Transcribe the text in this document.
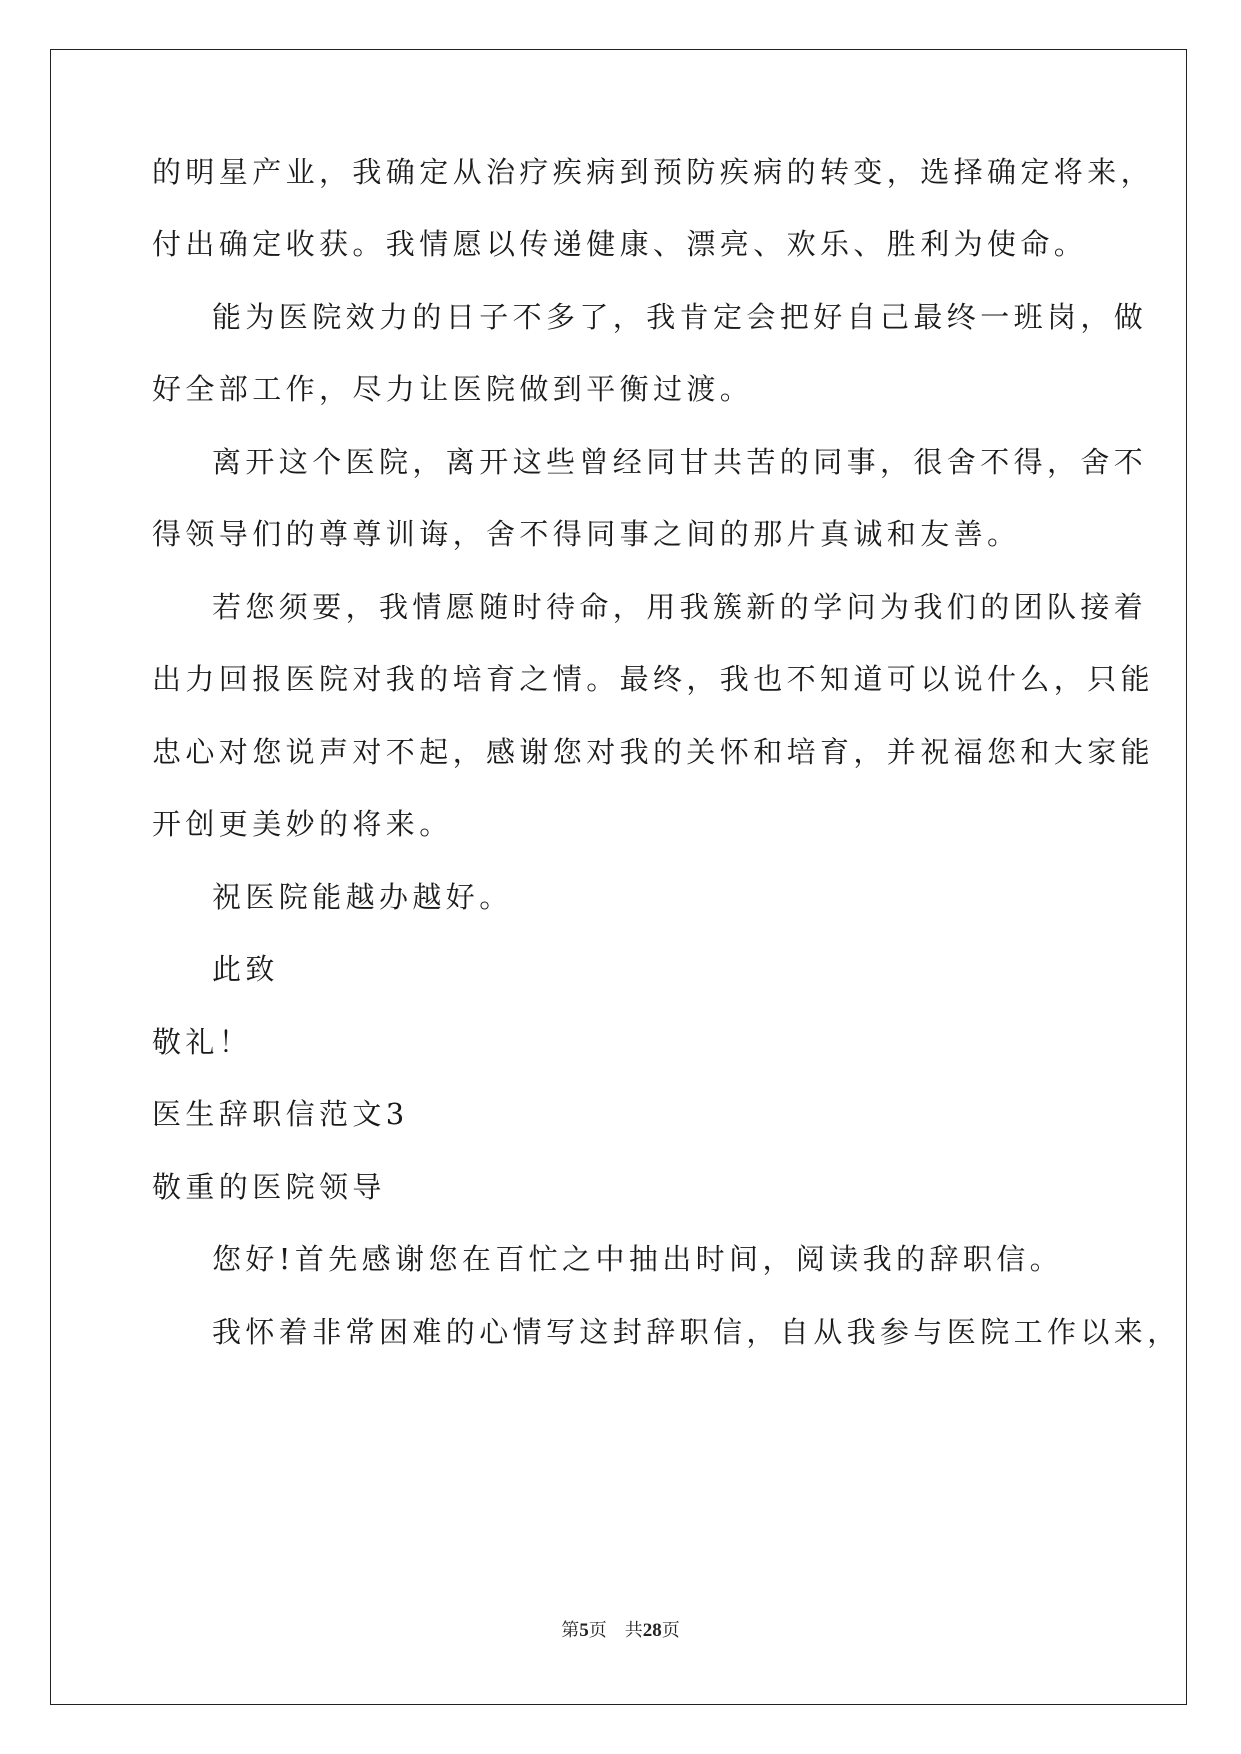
的明星产业，我确定从治疗疾病到预防疾病的转变，选择确定将来，

付出确定收获。我情愿以传递健康、漂亮、欢乐、胜利为使命。

能为医院效力的日子不多了，我肯定会把好自己最终一班岗，做

好全部工作，尽力让医院做到平衡过渡。

离开这个医院，离开这些曾经同甘共苦的同事，很舍不得，舍不

得领导们的尊尊训诲，舍不得同事之间的那片真诚和友善。

若您须要，我情愿随时待命，用我簇新的学问为我们的团队接着

出力回报医院对我的培育之情。最终，我也不知道可以说什么，只能

忠心对您说声对不起，感谢您对我的关怀和培育，并祝福您和大家能

开创更美妙的将来。

祝医院能越办越好。

此致

敬礼！

医生辞职信范文3

敬重的医院领导

您好!首先感谢您在百忙之中抽出时间，阅读我的辞职信。

我怀着非常困难的心情写这封辞职信，自从我参与医院工作以来，

第5页 共28页
